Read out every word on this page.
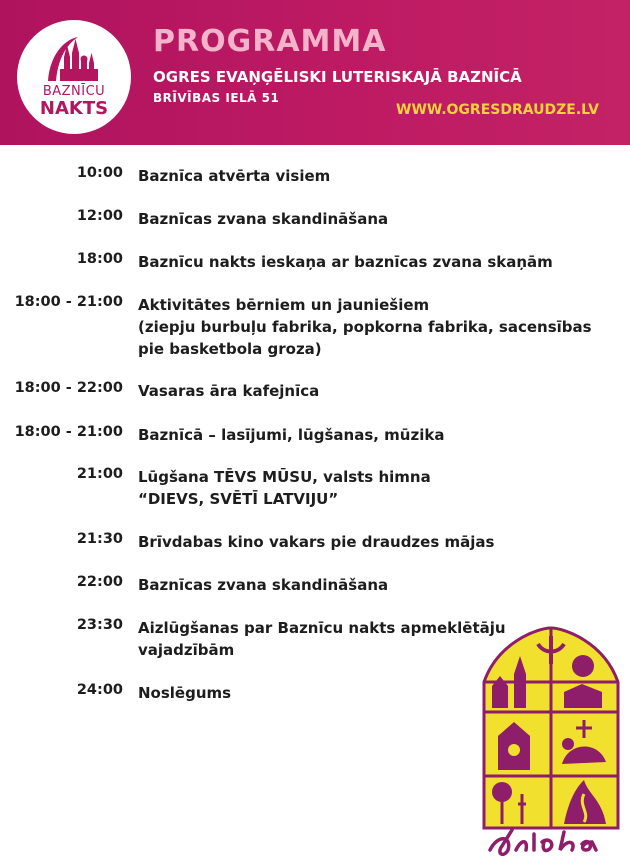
BAZNĪCU
NAKTS
PROGRAMMA
OGRES EVAŅĢĒLISKI LUTERISKAJĀ BAZNĪCĀ
BRĪVĪBAS IELĀ 51
WWW.OGRESDRAUDZE.LV
10:00 Baznīca atvērta visiem
12:00 Baznīcas zvana skandināšana
18:00 Baznīcu nakts ieskaņa ar baznīcas zvana skaņām
18:00 - 21:00 Aktivitātes bērniem un jauniešiem
(ziepju burbuļu fabrika, popkorna fabrika, sacensības
pie basketbola groza)
18:00 - 22:00 Vasaras āra kafejnīca
18:00 - 21:00 Baznīcā – lasījumi, lūgšanas, mūzika
21:00 Lūgšana TĒVS MŪSU, valsts himna
“DIEVS, SVĒTĪ LATVIJU”
21:30 Brīvdabas kino vakars pie draudzes mājas
22:00 Baznīcas zvana skandināšana
23:30 Aizlūgšanas par Baznīcu nakts apmeklētāju
vajadzībām
24:00 Noslēgums
